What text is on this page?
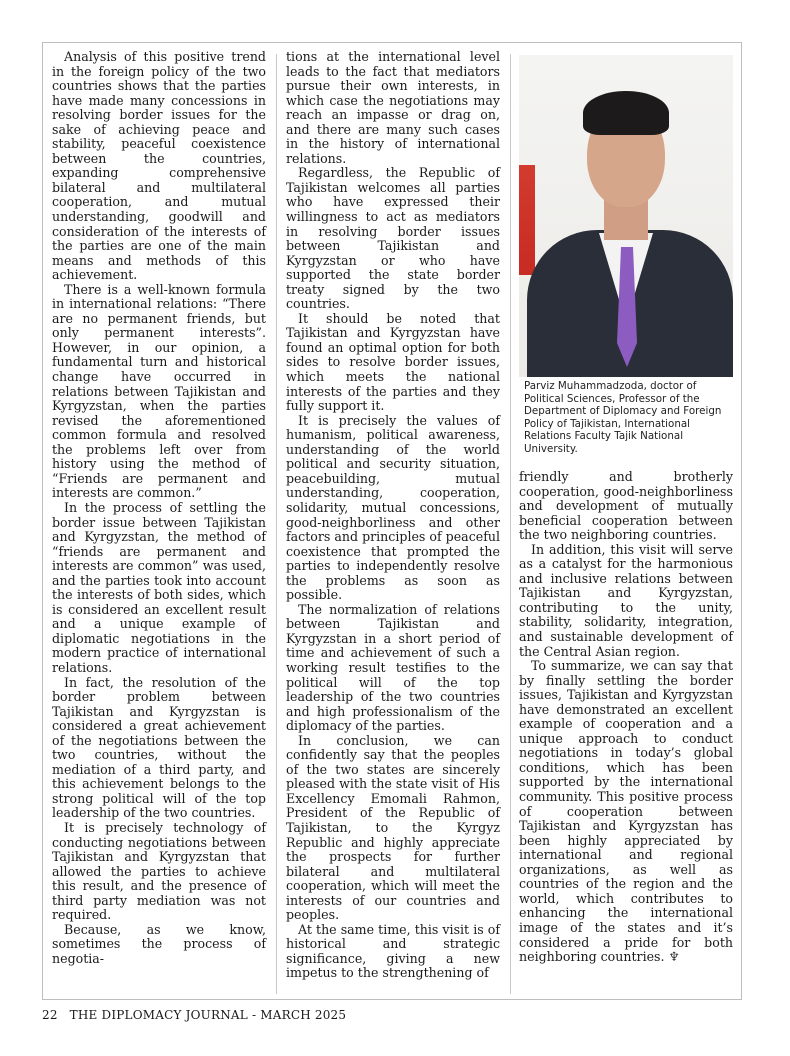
Analysis of this positive trend in the foreign policy of the two countries shows that the parties have made many concessions in resolving border issues for the sake of achieving peace and stability, peaceful coexistence between the countries, expanding comprehensive bilateral and multilateral cooperation, and mutual understanding, goodwill and consideration of the interests of the parties are one of the main means and methods of this achievement.

There is a well-known formula in international relations: “There are no permanent friends, but only permanent interests”. However, in our opinion, a fundamental turn and historical change have occurred in relations between Tajikistan and Kyrgyzstan, when the parties revised the aforementioned common formula and resolved the problems left over from history using the method of “Friends are permanent and interests are common.”

In the process of settling the border issue between Tajikistan and Kyrgyzstan, the method of “friends are permanent and interests are common” was used, and the parties took into account the interests of both sides, which is considered an excellent result and a unique example of diplomatic negotiations in the modern practice of international relations.

In fact, the resolution of the border problem between Tajikistan and Kyrgyzstan is considered a great achievement of the negotiations between the two countries, without the mediation of a third party, and this achievement belongs to the strong political will of the top leadership of the two countries.

It is precisely technology of conducting negotiations between Tajikistan and Kyrgyzstan that allowed the parties to achieve this result, and the presence of third party mediation was not required.

Because, as we know, sometimes the process of negotia-

tions at the international level leads to the fact that mediators pursue their own interests, in which case the negotiations may reach an impasse or drag on, and there are many such cases in the history of international relations.

Regardless, the Republic of Tajikistan welcomes all parties who have expressed their willingness to act as mediators in resolving border issues between Tajikistan and Kyrgyzstan or who have supported the state border treaty signed by the two countries.

It should be noted that Tajikistan and Kyrgyzstan have found an optimal option for both sides to resolve border issues, which meets the national interests of the parties and they fully support it.

It is precisely the values of humanism, political awareness, understanding of the world political and security situation, peacebuilding, mutual understanding, cooperation, solidarity, mutual concessions, good-neighborliness and other factors and principles of peaceful coexistence that prompted the parties to independently resolve the problems as soon as possible.

The normalization of relations between Tajikistan and Kyrgyzstan in a short period of time and achievement of such a working result testifies to the political will of the top leadership of the two countries and high professionalism of the diplomacy of the parties.

In conclusion, we can confidently say that the peoples of the two states are sincerely pleased with the state visit of His Excellency Emomali Rahmon, President of the Republic of Tajikistan, to the Kyrgyz Republic and highly appreciate the prospects for further bilateral and multilateral cooperation, which will meet the interests of our countries and peoples.

At the same time, this visit is of historical and strategic significance, giving a new impetus to the strengthening of

Parviz Muhammadzoda, doctor of Political Sciences, Professor of the Department of Diplomacy and Foreign Policy of Tajikistan, International Relations Faculty Tajik National University.

friendly and brotherly cooperation, good-neighborliness and development of mutually beneficial cooperation between the two neighboring countries.

In addition, this visit will serve as a catalyst for the harmonious and inclusive relations between Tajikistan and Kyrgyzstan, contributing to the unity, stability, solidarity, integration, and sustainable development of the Central Asian region.

To summarize, we can say that by finally settling the border issues, Tajikistan and Kyrgyzstan have demonstrated an excellent example of cooperation and a unique approach to conduct negotiations in today’s global conditions, which has been supported by the international community. This positive process of cooperation between Tajikistan and Kyrgyzstan has been highly appreciated by international and regional organizations, as well as countries of the region and the world, which contributes to enhancing the international image of the states and it’s considered a pride for both neighboring countries. ♆

22 THE DIPLOMACY JOURNAL - MARCH 2025
